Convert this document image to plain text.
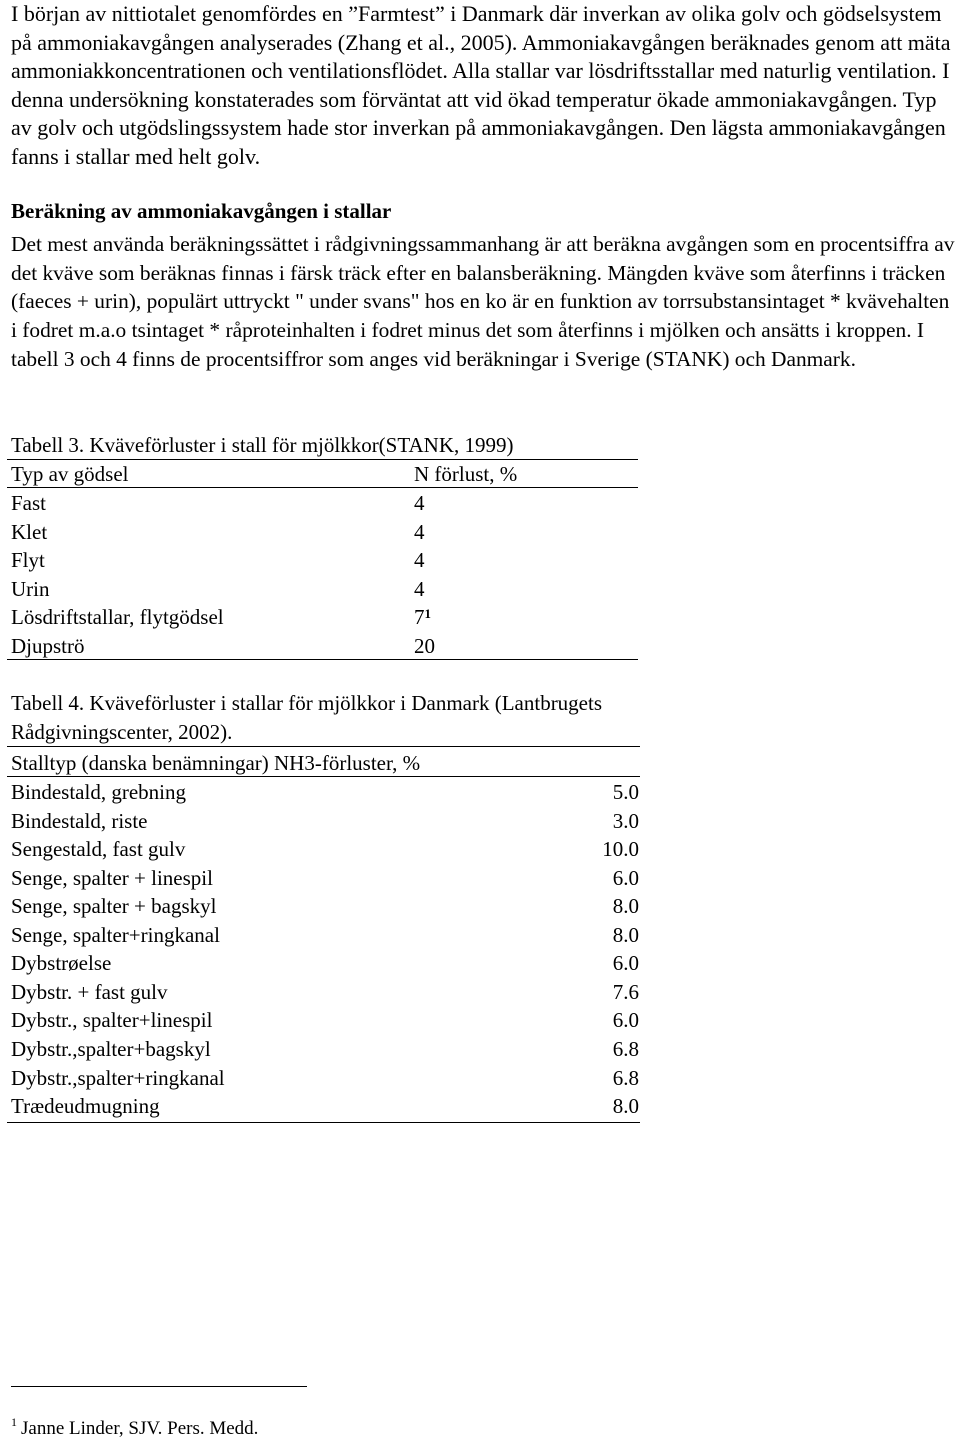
I början av nittiotalet genomfördes en ”Farmtest” i Danmark där inverkan av olika golv och gödselsystem på ammoniakavgången analyserades (Zhang et al., 2005). Ammoniakavgången beräknades genom att mäta ammoniakkoncentrationen och ventilationsflödet. Alla stallar var lösdriftsstallar med naturlig ventilation. I denna undersökning konstaterades som förväntat att vid ökad temperatur ökade ammoniakavgången. Typ av golv och utgödslingssystem hade stor inverkan på ammoniakavgången. Den lägsta ammoniakavgången fanns i stallar med helt golv.
Beräkning av ammoniakavgången i stallar
Det mest använda beräkningssättet i rådgivningssammanhang är att beräkna avgången som en procentsiffra av det kväve som beräknas finnas i färsk träck efter en balansberäkning. Mängden kväve som återfinns i träcken (faeces + urin), populärt uttryckt " under svans" hos en ko är en funktion av torrsubstansintaget * kvävehalten i fodret m.a.o tsintaget * råproteinhalten i fodret minus det som återfinns i mjölken och ansätts i kroppen. I tabell 3 och 4 finns de procentsiffror som anges vid beräkningar i Sverige (STANK) och Danmark.
Tabell 3. Kväveförluster i stall för mjölkkor(STANK, 1999)
Typ av gödsel	N förlust, %
Fast	4
Klet	4
Flyt	4
Urin	4
Lösdriftstallar, flytgödsel	$7^1$
Djupströ	20
Tabell 4. Kväveförluster i stallar för mjölkkor i Danmark (Lantbrugets Rådgivningscenter, 2002).
Stalltyp (danska benämningar) NH3-förluster, %
Bindestald, grebning	5.0
Bindestald, riste	3.0
Sengestald, fast gulv	10.0
Senge, spalter + linespil	6.0
Senge, spalter + bagskyl	8.0
Senge, spalter+ringkanal	8.0
Dybstrøelse	6.0
Dybstr. + fast gulv	7.6
Dybstr., spalter+linespil	6.0
Dybstr.,spalter+bagskyl	6.8
Dybstr.,spalter+ringkanal	6.8
Trædeudmugning	8.0
$^1$ Janne Linder, SJV. Pers. Medd.
